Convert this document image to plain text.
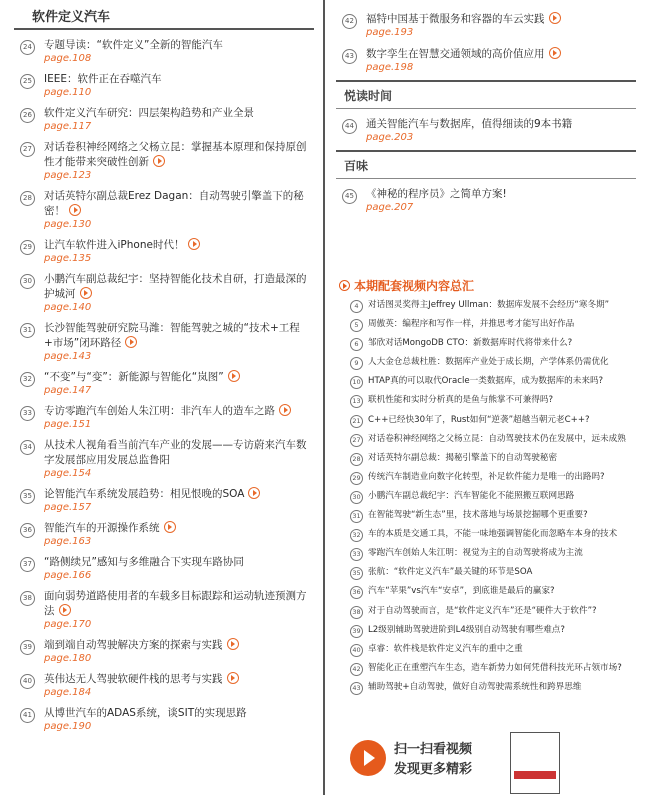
软件定义汽车
24 专题导读：“软件定义”全新的智能汽车
page.108
25 IEEE：软件正在吞噬汽车
page.110
26 软件定义汽车研究：四层架构趋势和产业全景
page.117
27 对话卷积神经网络之父杨立昆：掌握基本原理和保持原创性才能带来突破性创新
page.123
28 对话英特尔副总裁Erez Dagan：自动驾驶引擎盖下的秘密！
page.130
29 让汽车软件进入iPhone时代！
page.135
30 小鹏汽车副总裁纪宇：坚持智能化技术自研，打造最深的护城河
page.140
31 长沙智能驾驶研究院马潍：智能驾驶之城的“技术+工程+市场”闭环路径
page.143
32 “不变”与“变”：新能源与智能化“岚图”
page.147
33 专访零跑汽车创始人朱江明：非汽车人的造车之路
page.151
34 从技术人视角看当前汽车产业的发展——专访蔚来汽车数字发展部应用发展总监鲁阳
page.154
35 论智能汽车系统发展趋势：相见恨晚的SOA
page.157
36 智能汽车的开源操作系统
page.163
37 “路侧续兄”感知与多维融合下实现车路协同
page.166
38 面向弱势道路使用者的车载多目标跟踪和运动轨迹预测方法
page.170
39 端到端自动驾驶解决方案的探索与实践
page.180
40 英伟达无人驾驶软硬件栈的思考与实践
page.184
41 从博世汽车的ADAS系统，谈SIT的实现思路
page.190
42 福特中国基于微服务和容器的车云实践
page.193
43 数字孪生在智慧交通领域的高价值应用
page.198
悦读时间
44 通关智能汽车与数据库，值得细读的9本书籍
page.203
百味
45 《神秘的程序员》之简单方案!
page.207
本期配套视频内容总汇
4	对话图灵奖得主Jeffrey Ullman：数据库发展不会经历“寒冬期”
5	周傲英：编程序和写作一样，并推思考才能写出好作品
6	邹欣对话MongoDB CTO：新数据库时代将带来什么?
9	人大金仓总裁杜胜：数据库产业处于成长期，产学体系仍需优化
10 HTAP真的可以取代Oracle一类数据库，成为数据库的未来吗?
13 联机性能和实时分析真的是鱼与熊掌不可兼得吗?
21 C++已经快30年了，Rust如何“逆袭”超越当朝元老C++?
27 对话卷积神经网络之父杨立昆：自动驾驶技术仍在发展中，远未成熟
28 对话英特尔副总裁：揭秘引擎盖下的自动驾驶秘密
29 传统汽车制造业向数字化转型，补足软件能力是唯一的出路吗?
30 小鹏汽车副总裁纪宇：汽车智能化不能照搬互联网思路
31 在智能驾驶“新生态”里，技术落地与场景挖掘哪个更重要?
32 车的本质是交通工具，不能一味地强调智能化而忽略车本身的技术
33 零跑汽车创始人朱江明：视觉为主的自动驾驶将成为主流
35 张航：“软件定义汽车”最关键的环节是SOA
36 汽车“苹果”vs汽车“安卓”，到底谁是最后的赢家?
38 对于自动驾驶而言，是“软件定义汽车”还是“硬件大于软件”?
39 L2级别辅助驾驶进阶到L4级别自动驾驶有哪些难点?
40 卓睿：软件栈是软件定义汽车的重中之重
42 智能化正在重塑汽车生态，造车新势力如何凭借科技光环占领市场?
43 辅助驾驶+自动驾驶，做好自动驾驶需系统性和跨界思维
扫一扫看视频
发现更多精彩
